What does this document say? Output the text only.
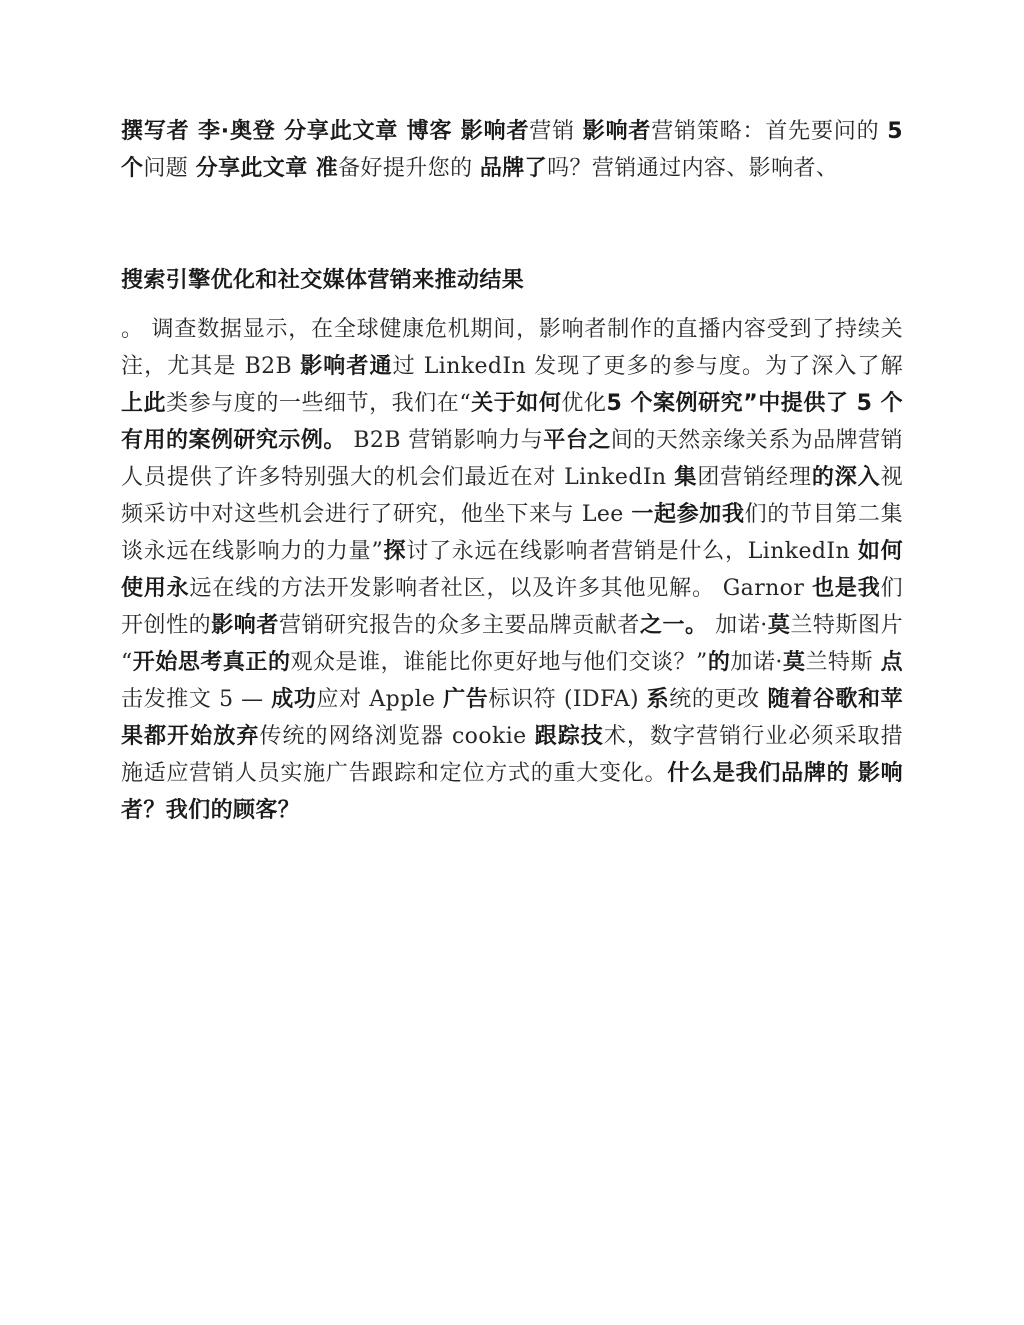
撰写者 李·奥登 分享此文章 博客 影响者营销 影响者营销策略：首先要问的 5 个问题 分享此文章 准备好提升您的 品牌了吗？营销通过内容、影响者、

搜索引擎优化和社交媒体营销来推动结果

。 调查数据显示，在全球健康危机期间，影响者制作的直播内容受到了持续关注，尤其是 B2B 影响者通过 LinkedIn 发现了更多的参与度。为了深入了解上此类参与度的一些细节，我们在“关于如何优化5 个案例研究”中提供了 5 个有用的案例研究示例。 B2B 营销影响力与平台之间的天然亲缘关系为品牌营销人员提供了许多特别强大的机会们最近在对 LinkedIn 集团营销经理的深入视频采访中对这些机会进行了研究，他坐下来与 Lee 一起参加我们的节目第二集谈永远在线影响力的力量”探讨了永远在线影响者营销是什么，LinkedIn 如何使用永远在线的方法开发影响者社区，以及许多其他见解。 Garnor 也是我们开创性的影响者营销研究报告的众多主要品牌贡献者之一。 加诺·莫兰特斯图片 “开始思考真正的观众是谁，谁能比你更好地与他们交谈？”的加诺·莫兰特斯 点击发推文 5 — 成功应对 Apple 广告标识符 (IDFA) 系统的更改 随着谷歌和苹果都开始放弃传统的网络浏览器 cookie 跟踪技术，数字营销行业必须采取措施适应营销人员实施广告跟踪和定位方式的重大变化。什么是我们品牌的 影响者？我们的顾客？
